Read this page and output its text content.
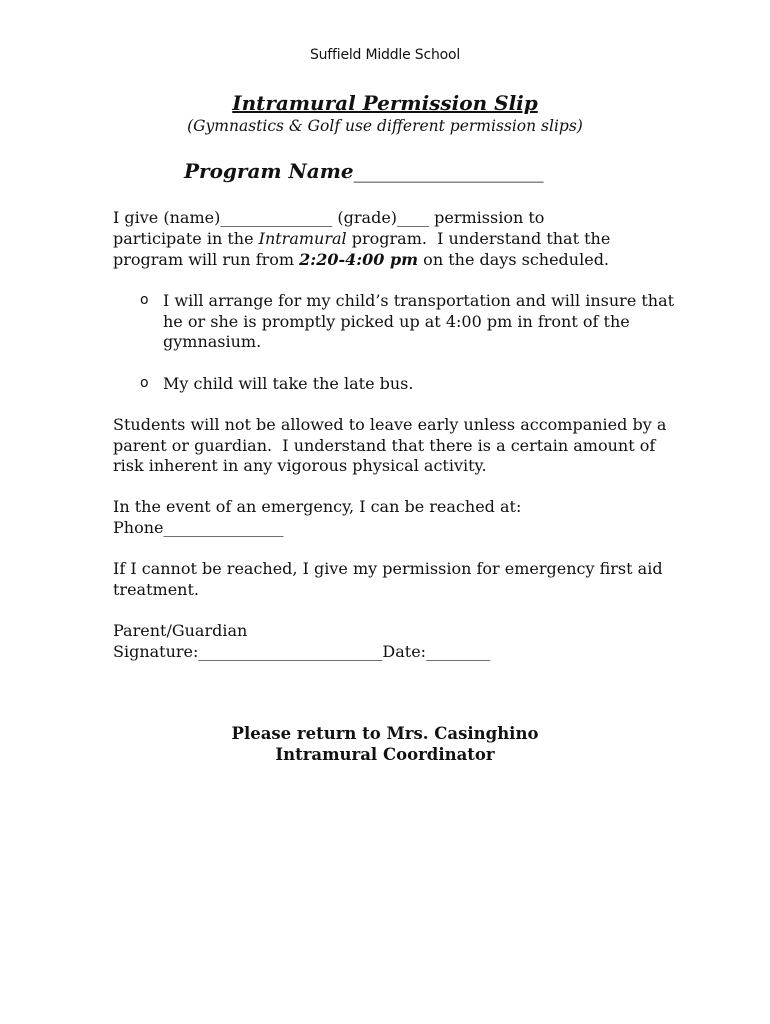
Suffield Middle School
Intramural Permission Slip
(Gymnastics & Golf use different permission slips)
Program Name___________________
I give (name)______________ (grade)____ permission to
participate in the Intramural program.  I understand that the
program will run from 2:20-4:00 pm on the days scheduled.
o I will arrange for my child’s transportation and will insure that
he or she is promptly picked up at 4:00 pm in front of the
gymnasium.
o My child will take the late bus.
Students will not be allowed to leave early unless accompanied by a
parent or guardian.  I understand that there is a certain amount of
risk inherent in any vigorous physical activity.
In the event of an emergency, I can be reached at:
Phone_______________
If I cannot be reached, I give my permission for emergency first aid
treatment.
Parent/Guardian
Signature:_______________________Date:________
Please return to Mrs. Casinghino
Intramural Coordinator
